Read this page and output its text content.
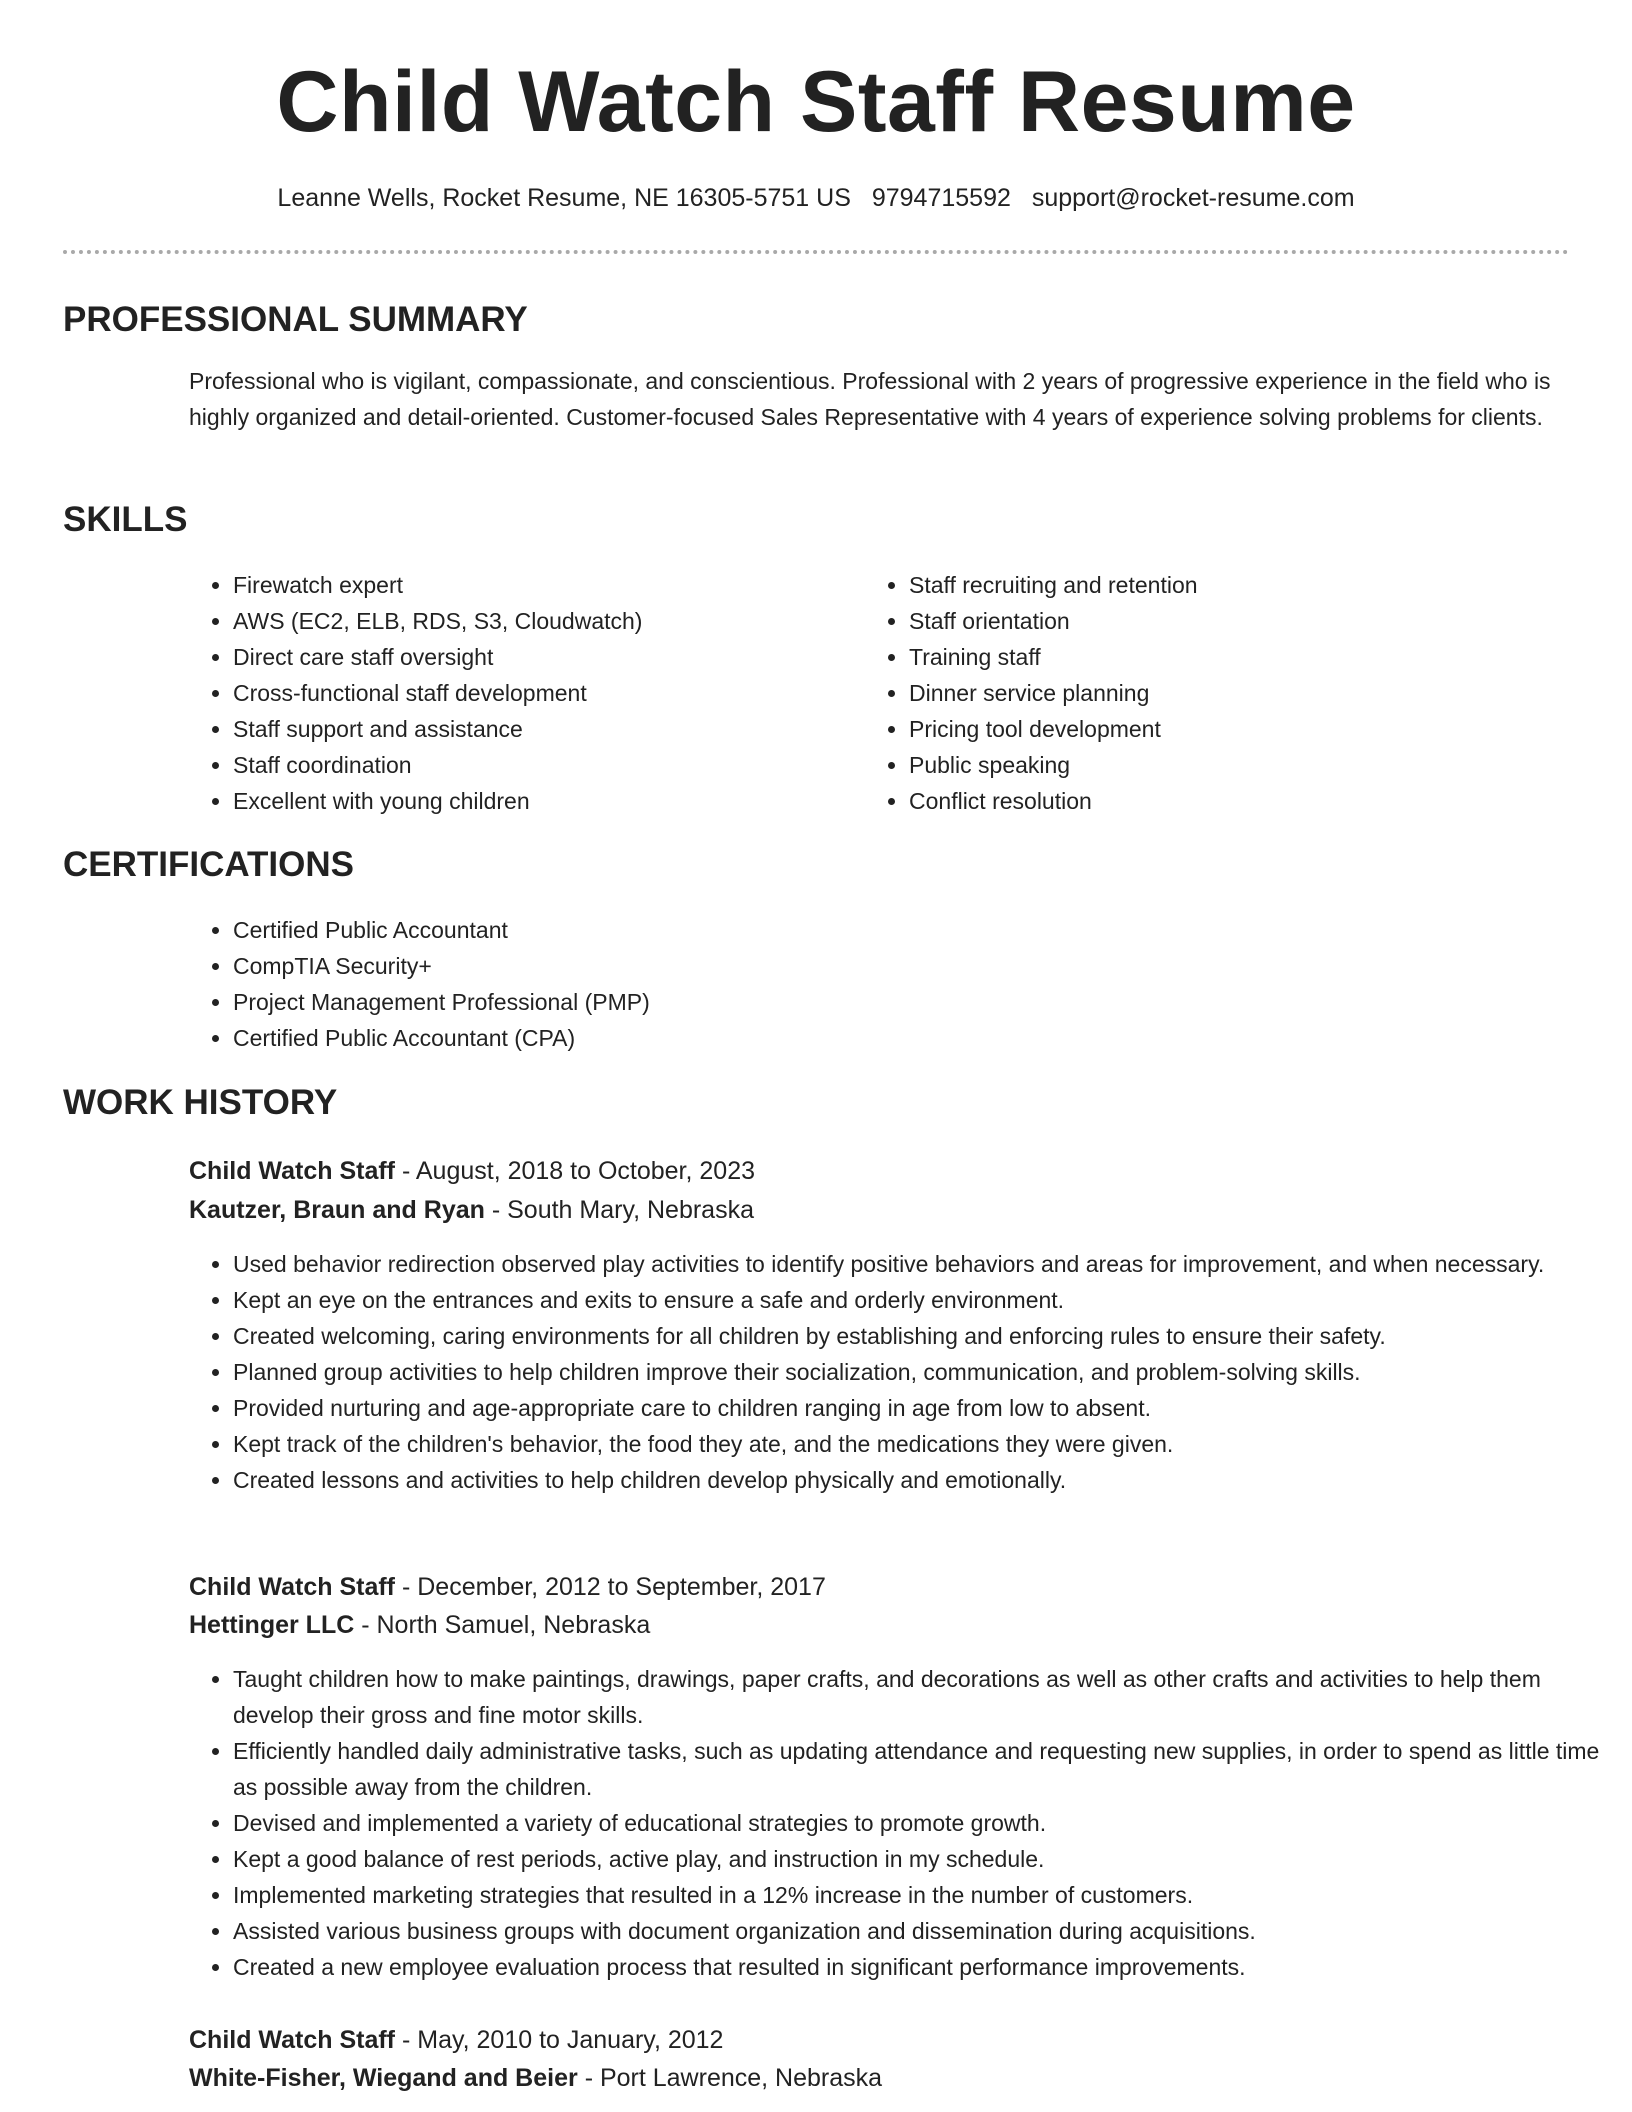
Child Watch Staff Resume
Leanne Wells, Rocket Resume, NE 16305-5751 US 9794715592 support@rocket-resume.com
PROFESSIONAL SUMMARY

Professional who is vigilant, compassionate, and conscientious. Professional with 2 years of progressive experience in the field who is highly organized and detail-oriented. Customer-focused Sales Representative with 4 years of experience solving problems for clients.

SKILLS
• Firewatch expert
• AWS (EC2, ELB, RDS, S3, Cloudwatch)
• Direct care staff oversight
• Cross-functional staff development
• Staff support and assistance
• Staff coordination
• Excellent with young children
• Staff recruiting and retention
• Staff orientation
• Training staff
• Dinner service planning
• Pricing tool development
• Public speaking
• Conflict resolution
CERTIFICATIONS
• Certified Public Accountant
• CompTIA Security+
• Project Management Professional (PMP)
• Certified Public Accountant (CPA)
WORK HISTORY
Child Watch Staff - August, 2018 to October, 2023
Kautzer, Braun and Ryan - South Mary, Nebraska
• Used behavior redirection observed play activities to identify positive behaviors and areas for improvement, and when necessary.
• Kept an eye on the entrances and exits to ensure a safe and orderly environment.
• Created welcoming, caring environments for all children by establishing and enforcing rules to ensure their safety.
• Planned group activities to help children improve their socialization, communication, and problem-solving skills.
• Provided nurturing and age-appropriate care to children ranging in age from low to absent.
• Kept track of the children's behavior, the food they ate, and the medications they were given.
• Created lessons and activities to help children develop physically and emotionally.
Child Watch Staff - December, 2012 to September, 2017
Hettinger LLC - North Samuel, Nebraska
• Taught children how to make paintings, drawings, paper crafts, and decorations as well as other crafts and activities to help them develop their gross and fine motor skills.
• Efficiently handled daily administrative tasks, such as updating attendance and requesting new supplies, in order to spend as little time as possible away from the children.
• Devised and implemented a variety of educational strategies to promote growth.
• Kept a good balance of rest periods, active play, and instruction in my schedule.
• Implemented marketing strategies that resulted in a 12% increase in the number of customers.
• Assisted various business groups with document organization and dissemination during acquisitions.
• Created a new employee evaluation process that resulted in significant performance improvements.
Child Watch Staff - May, 2010 to January, 2012
White-Fisher, Wiegand and Beier - Port Lawrence, Nebraska
